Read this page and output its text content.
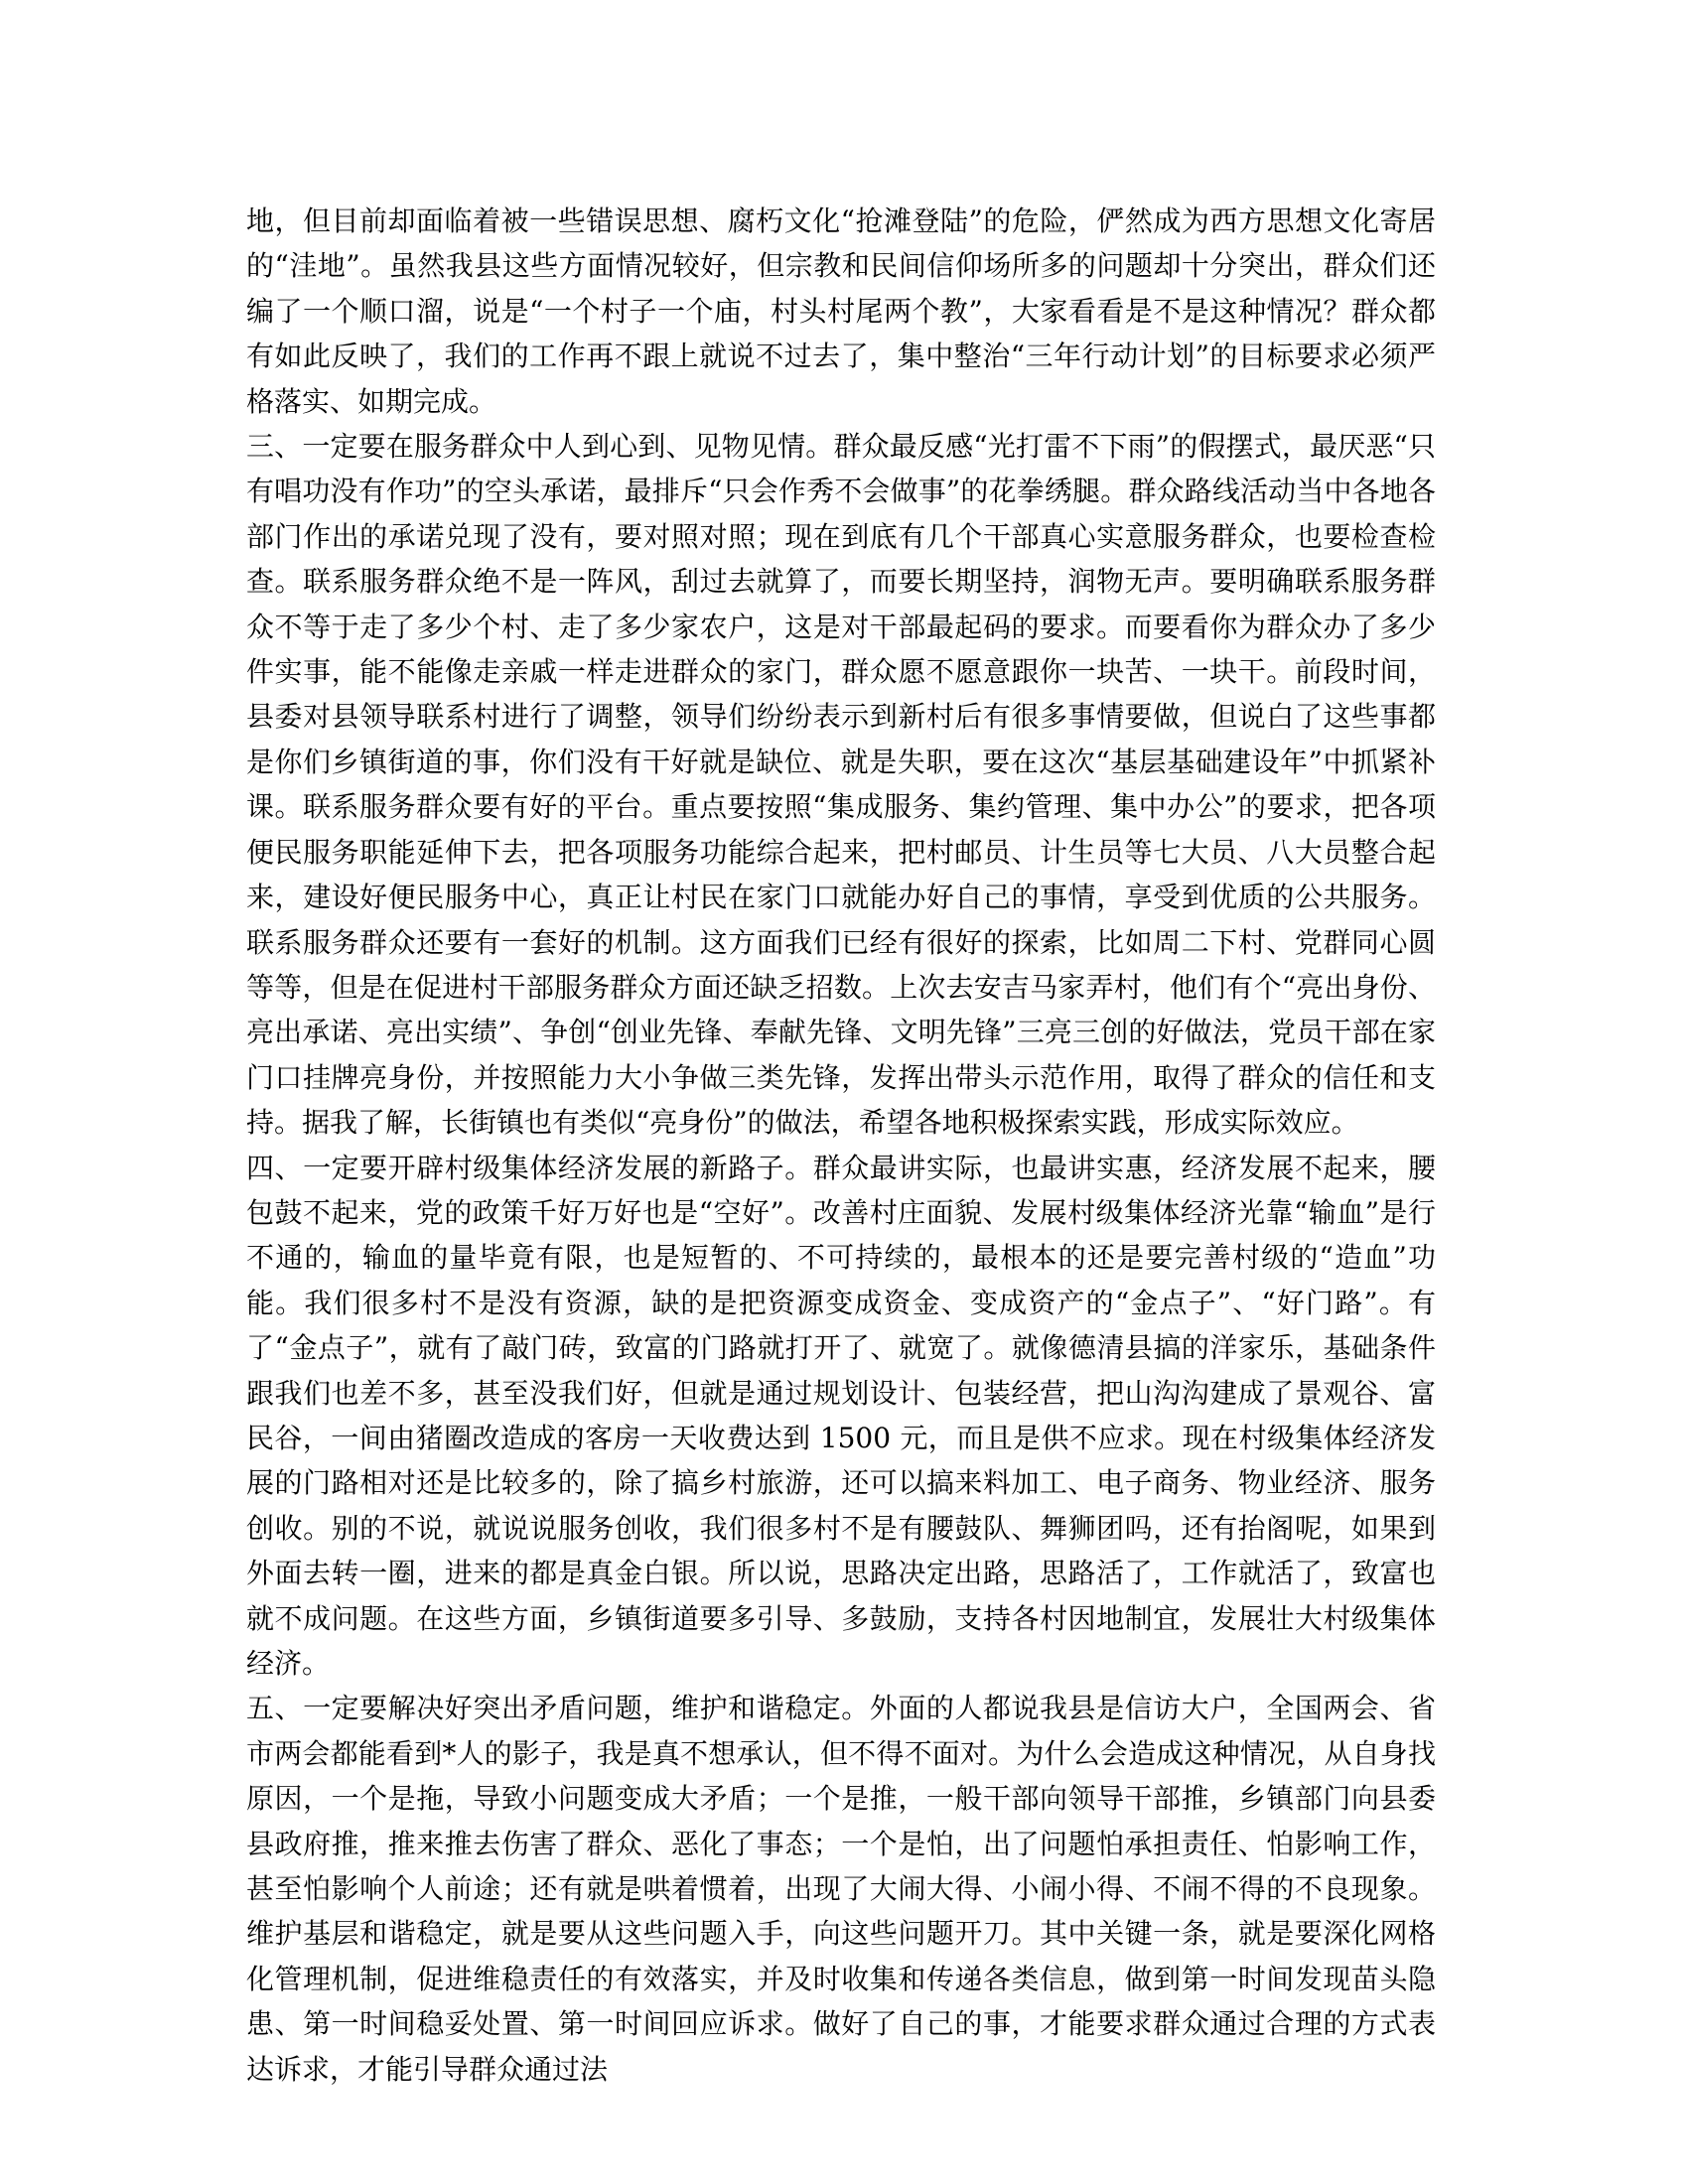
地，但目前却面临着被一些错误思想、腐朽文化“抢滩登陆”的危险，俨然成为西方思想文化寄居的“洼地”。虽然我县这些方面情况较好，但宗教和民间信仰场所多的问题却十分突出，群众们还编了一个顺口溜，说是“一个村子一个庙，村头村尾两个教”，大家看看是不是这种情况？群众都有如此反映了，我们的工作再不跟上就说不过去了，集中整治“三年行动计划”的目标要求必须严格落实、如期完成。

三、一定要在服务群众中人到心到、见物见情。群众最反感“光打雷不下雨”的假摆式，最厌恶“只有唱功没有作功”的空头承诺，最排斥“只会作秀不会做事”的花拳绣腿。群众路线活动当中各地各部门作出的承诺兑现了没有，要对照对照；现在到底有几个干部真心实意服务群众，也要检查检查。联系服务群众绝不是一阵风，刮过去就算了，而要长期坚持，润物无声。要明确联系服务群众不等于走了多少个村、走了多少家农户，这是对干部最起码的要求。而要看你为群众办了多少件实事，能不能像走亲戚一样走进群众的家门，群众愿不愿意跟你一块苦、一块干。前段时间，县委对县领导联系村进行了调整，领导们纷纷表示到新村后有很多事情要做，但说白了这些事都是你们乡镇街道的事，你们没有干好就是缺位、就是失职，要在这次“基层基础建设年”中抓紧补课。联系服务群众要有好的平台。重点要按照“集成服务、集约管理、集中办公”的要求，把各项便民服务职能延伸下去，把各项服务功能综合起来，把村邮员、计生员等七大员、八大员整合起来，建设好便民服务中心，真正让村民在家门口就能办好自己的事情，享受到优质的公共服务。联系服务群众还要有一套好的机制。这方面我们已经有很好的探索，比如周二下村、党群同心圆等等，但是在促进村干部服务群众方面还缺乏招数。上次去安吉马家弄村，他们有个“亮出身份、亮出承诺、亮出实绩”、争创“创业先锋、奉献先锋、文明先锋”三亮三创的好做法，党员干部在家门口挂牌亮身份，并按照能力大小争做三类先锋，发挥出带头示范作用，取得了群众的信任和支持。据我了解，长街镇也有类似“亮身份”的做法，希望各地积极探索实践，形成实际效应。

四、一定要开辟村级集体经济发展的新路子。群众最讲实际，也最讲实惠，经济发展不起来，腰包鼓不起来，党的政策千好万好也是“空好”。改善村庄面貌、发展村级集体经济光靠“输血”是行不通的，输血的量毕竟有限，也是短暂的、不可持续的，最根本的还是要完善村级的“造血”功能。我们很多村不是没有资源，缺的是把资源变成资金、变成资产的“金点子”、“好门路”。有了“金点子”，就有了敲门砖，致富的门路就打开了、就宽了。就像德清县搞的洋家乐，基础条件跟我们也差不多，甚至没我们好，但就是通过规划设计、包装经营，把山沟沟建成了景观谷、富民谷，一间由猪圈改造成的客房一天收费达到 1500 元，而且是供不应求。现在村级集体经济发展的门路相对还是比较多的，除了搞乡村旅游，还可以搞来料加工、电子商务、物业经济、服务创收。别的不说，就说说服务创收，我们很多村不是有腰鼓队、舞狮团吗，还有抬阁呢，如果到外面去转一圈，进来的都是真金白银。所以说，思路决定出路，思路活了，工作就活了，致富也就不成问题。在这些方面，乡镇街道要多引导、多鼓励，支持各村因地制宜，发展壮大村级集体经济。

五、一定要解决好突出矛盾问题，维护和谐稳定。外面的人都说我县是信访大户，全国两会、省市两会都能看到*人的影子，我是真不想承认，但不得不面对。为什么会造成这种情况，从自身找原因，一个是拖，导致小问题变成大矛盾；一个是推，一般干部向领导干部推，乡镇部门向县委县政府推，推来推去伤害了群众、恶化了事态；一个是怕，出了问题怕承担责任、怕影响工作，甚至怕影响个人前途；还有就是哄着惯着，出现了大闹大得、小闹小得、不闹不得的不良现象。维护基层和谐稳定，就是要从这些问题入手，向这些问题开刀。其中关键一条，就是要深化网格化管理机制，促进维稳责任的有效落实，并及时收集和传递各类信息，做到第一时间发现苗头隐患、第一时间稳妥处置、第一时间回应诉求。做好了自己的事，才能要求群众通过合理的方式表达诉求，才能引导群众通过法
